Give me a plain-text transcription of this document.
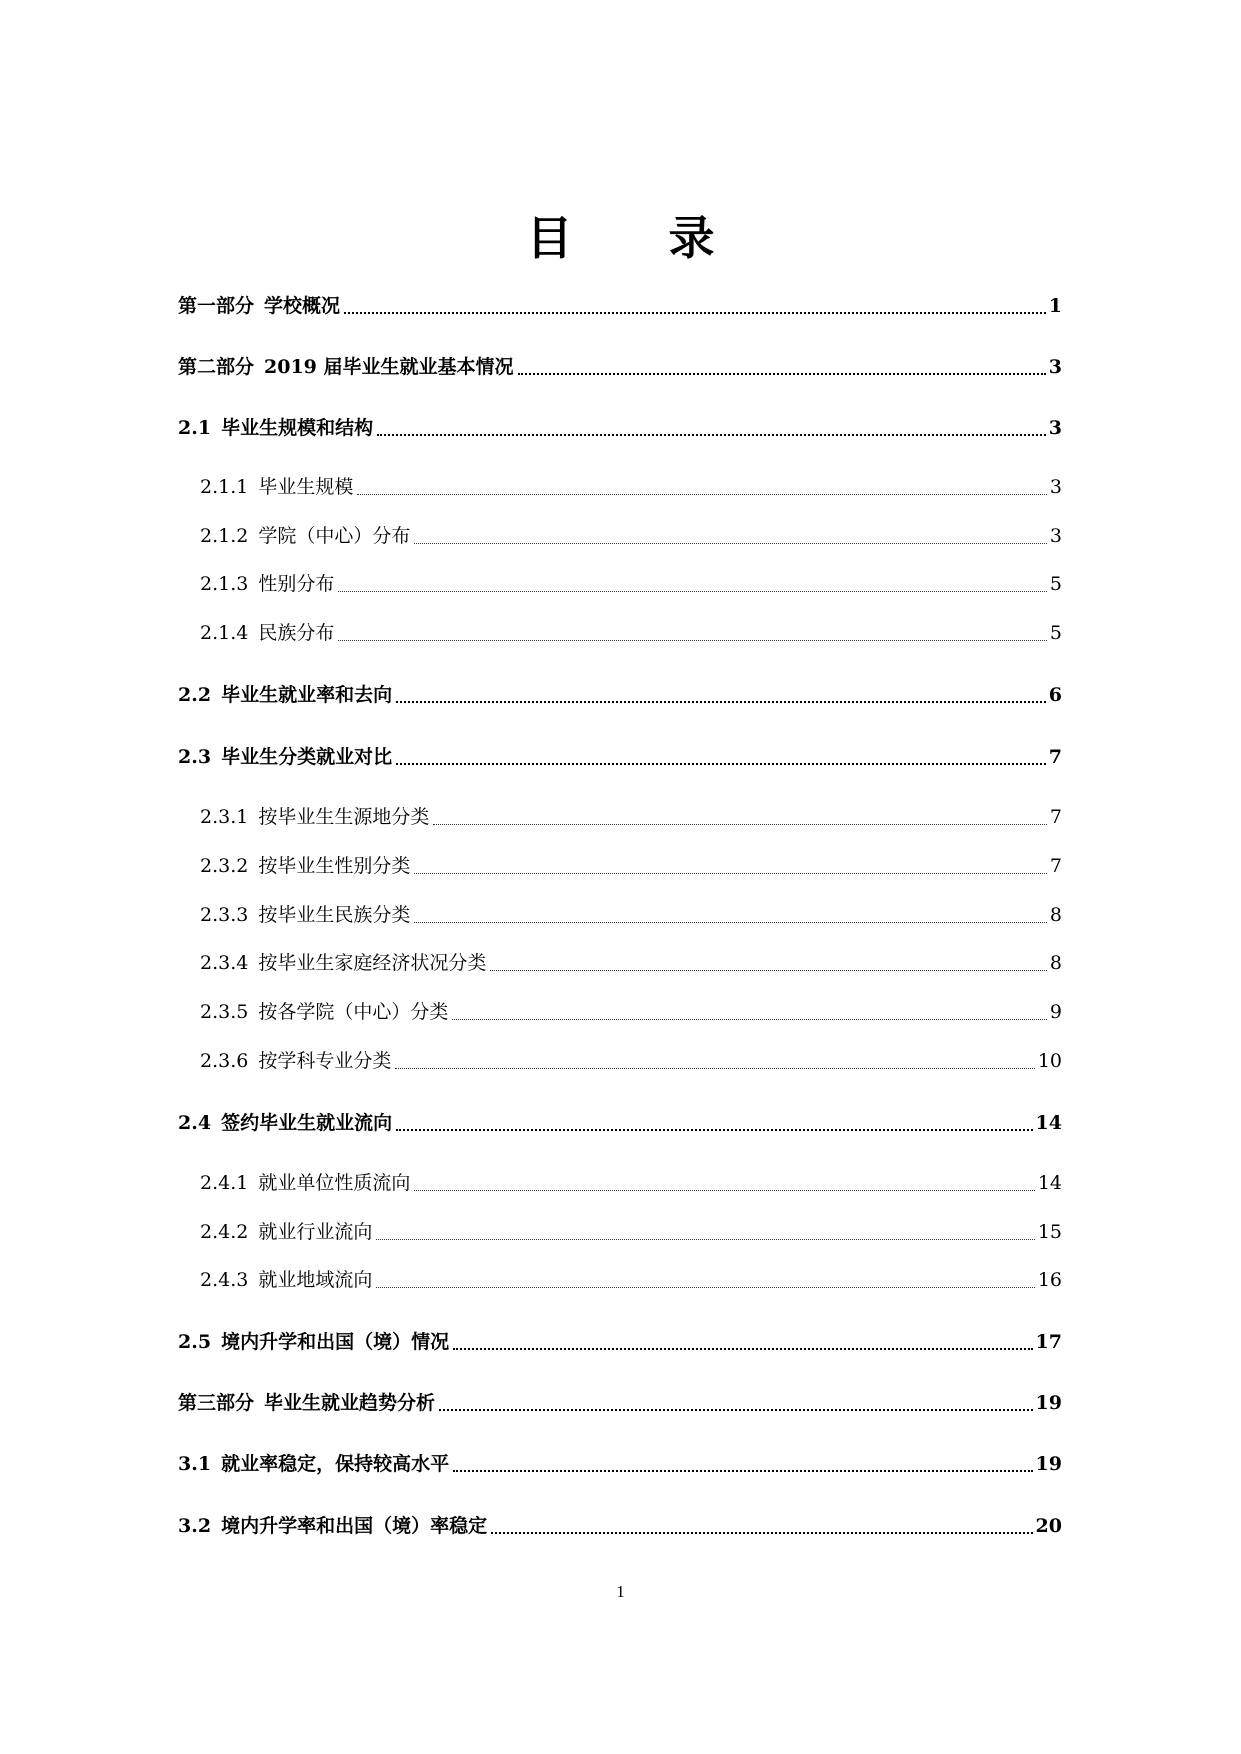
目 录
第一部分 学校概况	1
第二部分 2019 届毕业生就业基本情况	3
2.1 毕业生规模和结构	3
2.1.1 毕业生规模	3
2.1.2 学院（中心）分布	3
2.1.3 性别分布	5
2.1.4 民族分布	5
2.2 毕业生就业率和去向	6
2.3 毕业生分类就业对比	7
2.3.1 按毕业生生源地分类	7
2.3.2 按毕业生性别分类	7
2.3.3 按毕业生民族分类	8
2.3.4 按毕业生家庭经济状况分类	8
2.3.5 按各学院（中心）分类	9
2.3.6 按学科专业分类	10
2.4 签约毕业生就业流向	14
2.4.1 就业单位性质流向	14
2.4.2 就业行业流向	15
2.4.3 就业地域流向	16
2.5 境内升学和出国（境）情况	17
第三部分 毕业生就业趋势分析	19
3.1 就业率稳定，保持较高水平	19
3.2 境内升学率和出国（境）率稳定	20
1
